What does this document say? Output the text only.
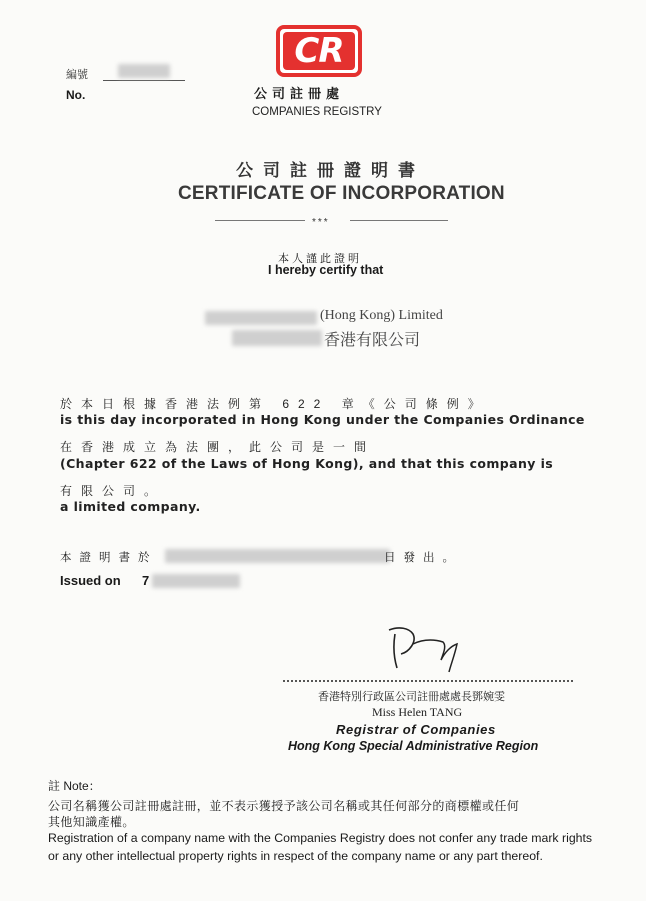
CR
編號
No.	公司註冊處
COMPANIES REGISTRY
公司註冊證明書
CERTIFICATE OF INCORPORATION
***
本人謹此證明
I hereby certify that
(Hong Kong) Limited
香港有限公司
於本日根據香港法例第 622 章《公司條例》
is this day incorporated in Hong Kong under the Companies Ordinance
在香港成立為法團，此公司是一間
(Chapter 622 of the Laws of Hong Kong), and that this company is
有限公司。
a limited company.
本證明書於	日發出。
Issued on 7
香港特別行政區公司註冊處處長鄧婉雯
Miss Helen TANG
Registrar of Companies
Hong Kong Special Administrative Region
註 Note：
公司名稱獲公司註冊處註冊，並不表示獲授予該公司名稱或其任何部分的商標權或任何
其他知識產權。
Registration of a company name with the Companies Registry does not confer any trade mark rights
or any other intellectual property rights in respect of the company name or any part thereof.
